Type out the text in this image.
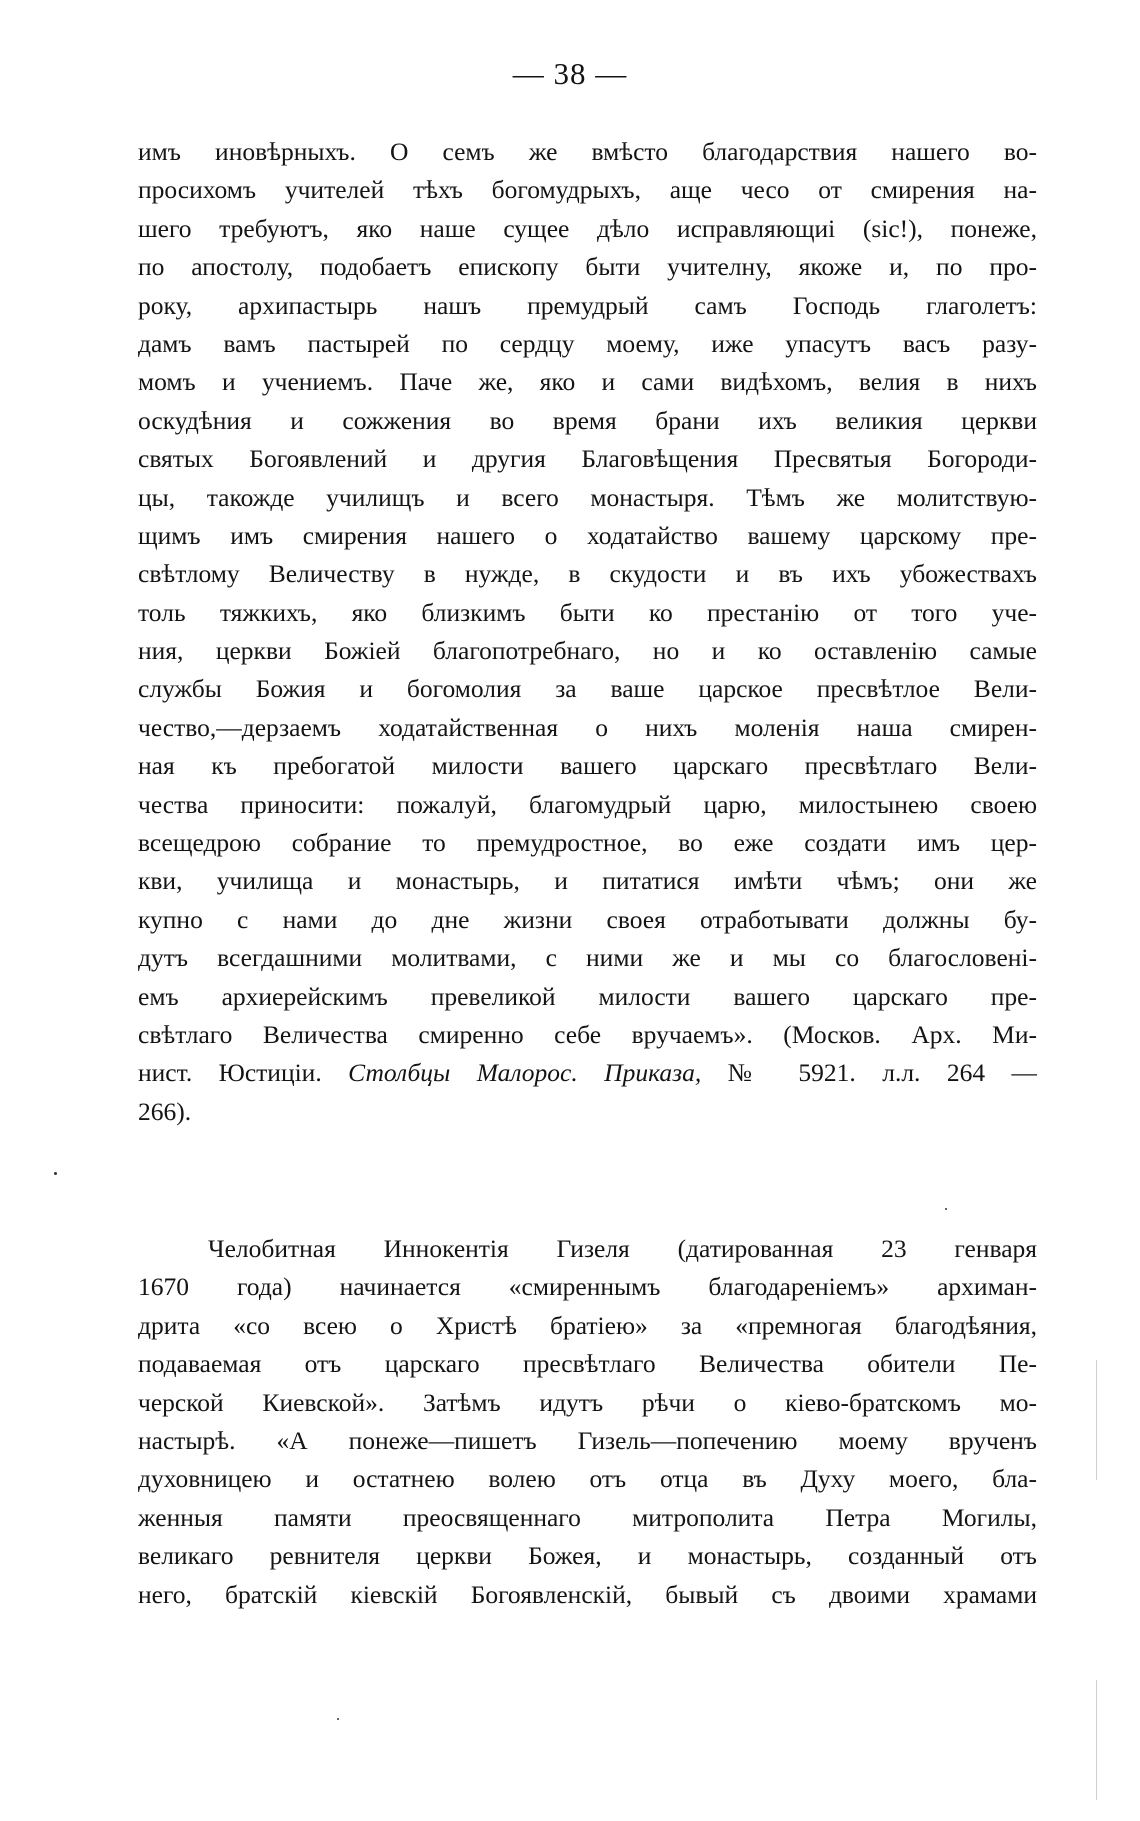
— 38 —
имъ иновѣрныхъ. О семъ же вмѣсто благодарствия нашего во-
просихомъ учителей тѣхъ богомудрыхъ, аще чесо от смирения на-
шего требуютъ, яко наше сущее дѣло исправляющиі (sic!), понеже,
по апостолу, подобаетъ епископу быти учителну, якоже и, по про-
року, архипастырь нашъ премудрый самъ Господь глаголетъ:
дамъ вамъ пастырей по сердцу моему, иже упасутъ васъ разу-
момъ и учениемъ. Паче же, яко и сами видѣхомъ, велия в нихъ
оскудѣния и сожжения во время брани ихъ великия церкви
святых Богоявлений и другия Благовѣщения Пресвятыя Богороди-
цы, такожде училищъ и всего монастыря. Тѣмъ же молитствую-
щимъ имъ смирения нашего о ходатайство вашему царскому пре-
свѣтлому Величеству в нужде, в скудости и въ ихъ убожествахъ
толь тяжкихъ, яко близкимъ быти ко престанію от того уче-
ния, церкви Божіей благопотребнаго, но и ко оставленію самые
службы Божия и богомолия за ваше царское пресвѣтлое Вели-
чество,—дерзаемъ ходатайственная о нихъ моленія наша смирен-
ная къ пребогатой милости вашего царскаго пресвѣтлаго Вели-
чества приносити: пожалуй, благомудрый царю, милостынею своею
всещедрою собрание то премудростное, во еже создати имъ цер-
кви, училища и монастырь, и питатися имѣти чѣмъ; они же
купно с нами до дне жизни своея отработывати должны бу-
дутъ всегдашними молитвами, с ними же и мы со благословені-
емъ архиерейскимъ превеликой милости вашего царскаго пре-
свѣтлаго Величества смиренно себе вручаемъ». (Москов. Арх. Ми-
нист. Юстиціи. Столбцы Малорос. Приказа, № 5921. л.л. 264 —
266).
Челобитная Иннокентія Гизеля (датированная 23 генваря
1670 года) начинается «смиреннымъ благодареніемъ» архиман-
дрита «со всею о Христѣ братіею» за «премногая благодѣяния,
подаваемая отъ царскаго пресвѣтлаго Величества обители Пе-
черской Киевской». Затѣмъ идутъ рѣчи о кіево-братскомъ мо-
настырѣ. «А понеже—пишетъ Гизель—попечению моему врученъ
духовницею и остатнею волею отъ отца въ Духу моего, бла-
женныя памяти преосвященнаго митрополита Петра Могилы,
великаго ревнителя церкви Божея, и монастырь, созданный отъ
него, братскій кіевскій Богоявленскій, бывый съ двоими храмами
